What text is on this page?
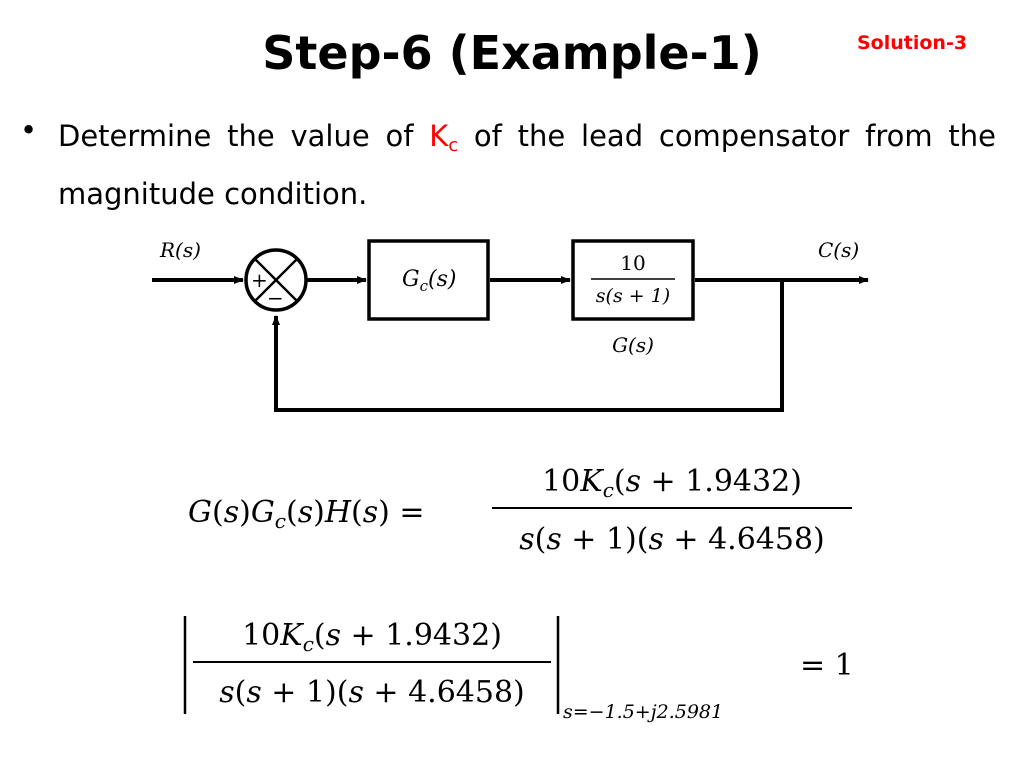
Step-6 (Example-1)	Solution-3
• Determine the value of $K_c$ of the lead compensator from the magnitude condition.
+
−
$G_c(s)$
10
s(s + 1)
G(s)
R(s)	C(s)
$G(s)G_c(s)H(s)$ =
$10K_c(s + 1.9432)$
s(s + 1)(s + 4.6458)
$10K_c(s + 1.9432)$
s(s + 1)(s + 4.6458)
s=−1.5+j2.5981
= 1
